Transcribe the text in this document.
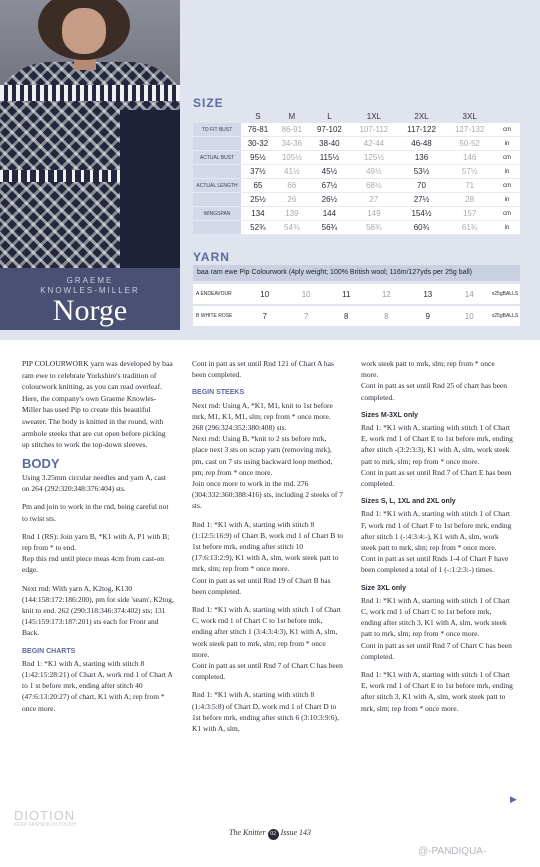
GRAEME
KNOWLES-MILLER
Norge
SIZE
	S	M	L	1XL	2XL	3XL	
TO FIT BUST	76-81	86-91	97-102	107-112	117-122	127-132	cm
	30-32	34-36	38-40	42-44	46-48	50-52	in
ACTUAL BUST	95½	105½	115½	125½	136	146	cm
	37½	41½	45½	49½	53½	57½	in
ACTUAL LENGTH	65	66	67½	68½	70	71	cm
	25½	26	26½	27	27½	28	in
WINGSPAN	134	139	144	149	154½	157	cm
	52¾	54¾	56¾	58¾	60¾	61¾	in
YARN
baa ram ewe Pip Colourwork (4ply weight; 100% British wool; 116m/127yds per 25g ball)
A ENDEAVOUR	10	10	11	12	13	14	x25gBALLS
B WHITE ROSE	7	7	8	8	9	10	x25gBALLS

PIP COLOURWORK yarn was developed by baa ram ewe to celebrate Yorkshire's tradition of colourwork knitting, as you can read overleaf. Here, the company's own Graeme Knowles-Miller has used Pip to create this beautiful sweater. The body is knitted in the round, with armhole steeks that are cut open before picking up stitches to work the top-down sleeves.

BODY

Using 3.25mm circular needles and yarn A, cast on 264 (292:320:348:376:404) sts.

Pm and join to work in the rnd, being careful not to twist sts.

Rnd 1 (RS): Join yarn B, *K1 with A, P1 with B; rep from * to end.

Rep this rnd until piece meas 4cm from cast-on edge.

Next rnd: With yarn A, K2tog, K130 (144:158:172:186:200), pm for side 'seam', K2tog, knit to end. 262 (290:318:346:374:402) sts; 131 (145:159:173:187:201) sts each for Front and Back.

BEGIN CHARTS

Rnd 1: *K1 with A, starting with stitch 8 (1:42:15:28:21) of Chart A, work rnd 1 of Chart A to 1 st before mrk, ending after stitch 40 (47:6:13:20:27) of chart, K1 with A; rep from * once more.

Cont in patt as set until Rnd 121 of Chart A has been completed.

BEGIN STEEKS

Next rnd: Using A, *K1, M1, knit to 1st before mrk, M1, K1, M1, slm; rep from * once more.

268 (296:324:352:380:408) sts.

Next rnd: Using B, *knit to 2 sts before mrk, place next 3 sts on scrap yarn (removing mrk), pm, cast on 7 sts using backward loop method, pm; rep from * once more.

Join once more to work in the rnd. 276 (304:332:360:388:416) sts, including 2 steeks of 7 sts.

Rnd 1: *K1 with A, starting with stitch 8 (1:12:5:16:9) of Chart B, work rnd 1 of Chart B to 1st before mrk, ending after stitch 10 (17:6:13:2:9), K1 with A, slm, work steek patt to mrk, slm; rep from * once more.

Cont in patt as set until Rnd 19 of Chart B has been completed.

Rnd 1: *K1 with A, starting with stitch 1 of Chart C, work rnd 1 of Chart C to 1st before mrk, ending after stitch 1 (3:4:3:4:3), K1 with A, slm, work steek patt to mrk, slm; rep from * once more.

Cont in patt as set until Rnd 7 of Chart C has been completed.

Rnd 1: *K1 with A, starting with stitch 8 (1:4:3:5:8) of Chart D, work rnd 1 of Chart D to 1st before mrk, ending after stitch 6 (3:10:3:9:6), K1 with A, slm,

work steek patt to mrk, slm; rep from * once more.

Cont in patt as set until Rnd 25 of chart has been completed.

Sizes M-3XL only

Rnd 1: *K1 with A, starting with stitch 1 of Chart E, work rnd 1 of Chart E to 1st before mrk, ending after stitch -(3:2:3:3), K1 with A, slm, work steek patt to mrk, slm; rep from * once more.

Cont in patt as set until Rnd 7 of Chart E has been completed.

Sizes S, L, 1XL and 2XL only

Rnd 1: *K1 with A, starting with stitch 1 of Chart F, work rnd 1 of Chart F to 1st before mrk, ending after stitch 1 (-:4:3:4:-), K1 with A, slm, work steek patt to mrk, slm; rep from * once more.

Cont in patt as set until Rnds 1-4 of Chart F have been completed a total of 1 (-:1:2:3:-) times.

Size 3XL only

Rnd 1: *K1 with A, starting with stitch 1 of Chart C, work rnd 1 of Chart C to 1st before mrk, ending after stitch 3, K1 with A, slm, work steek patt to mrk, slm; rep from * once more.

Cont in patt as set until Rnd 7 of Chart C has been completed.

Rnd 1: *K1 with A, starting with stitch 1 of Chart E, work rnd 1 of Chart E to 1st before mrk, ending after stitch 3, K1 with A, slm, work steek patt to mrk, slm; rep from * once more.

▶
DIOTION
KEEP FASHION IN TOUCH
The Knitter 02 Issue 143
@-PANDIQUA-
